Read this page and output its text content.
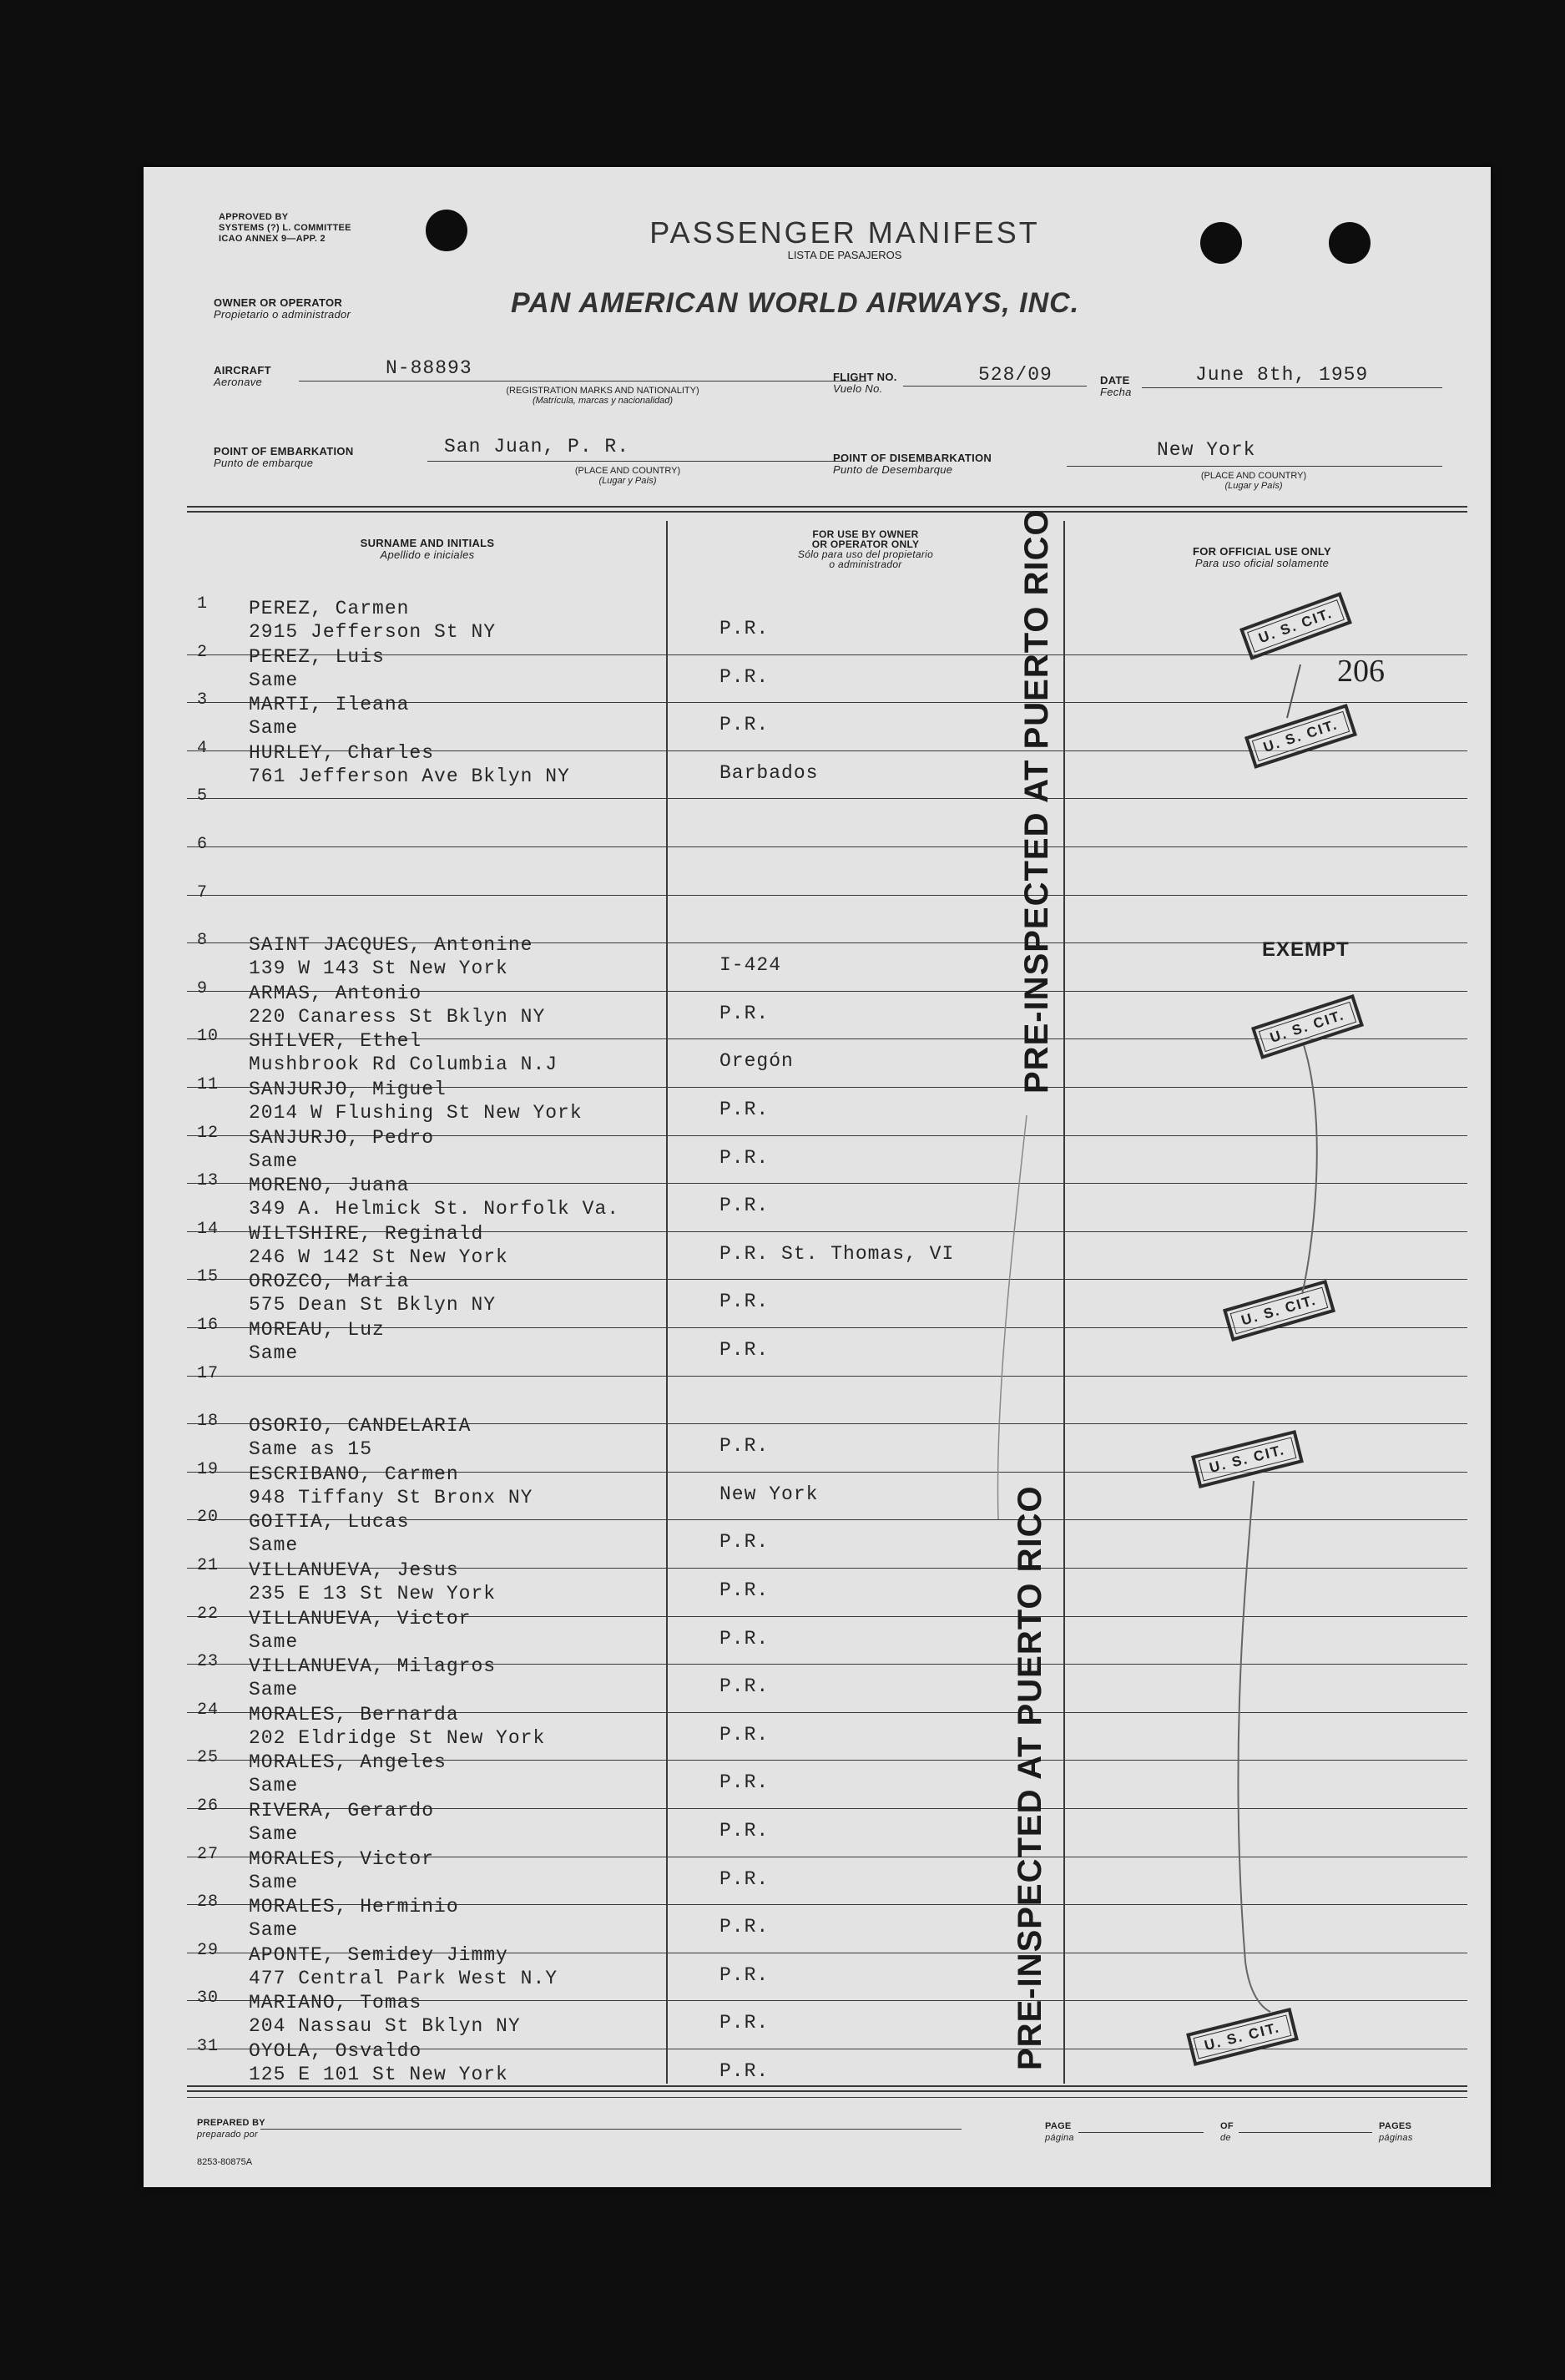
APPROVED BY
SYSTEMS (?) L. COMMITTEE
ICAO ANNEX 9—APP. 2	PASSENGER MANIFEST
LISTA DE PASAJEROS
OWNER OR OPERATOR
Propietario o administrador	PAN AMERICAN WORLD AIRWAYS, INC.
AIRCRAFT
Aeronave
N-88893
(REGISTRATION MARKS AND NATIONALITY)
(Matrícula, marcas y nacionalidad)
FLIGHT NO.
Vuelo No.
528/09	DATE
Fecha
June 8th, 1959
POINT OF EMBARKATION
Punto de embarque
San Juan, P. R.
(PLACE AND COUNTRY)
(Lugar y País)
POINT OF DISEMBARKATION
Punto de Desembarque
New York
(PLACE AND COUNTRY)
(Lugar y País)
SURNAME AND INITIALS
Apellido e iniciales
FOR USE BY OWNER
OR OPERATOR ONLY
Sólo para uso del propietario
o administrador
FOR OFFICIAL USE ONLY
Para uso oficial solamente
1 PEREZ, Carmen
2915 Jefferson St NY	P.R.
2 PEREZ, Luis
Same	P.R.
3 MARTI, Ileana
Same	P.R.
4 HURLEY, Charles
761 Jefferson Ave Bklyn NY	Barbados
5
6
7
8 SAINT JACQUES, Antonine
139 W 143 St New York	I-424
9 ARMAS, Antonio
220 Canaress St Bklyn NY	P.R.
10 SHILVER, Ethel
Mushbrook Rd Columbia N.J	Oregón
11 SANJURJO, Miguel
2014 W Flushing St New York	P.R.
12 SANJURJO, Pedro
Same	P.R.
13 MORENO, Juana
349 A. Helmick St. Norfolk Va.	P.R.
14 WILTSHIRE, Reginald
246 W 142 St New York	P.R. St. Thomas, VI
15 OROZCO, Maria
575 Dean St Bklyn NY	P.R.
16 MOREAU, Luz
Same	P.R.
17
18 OSORIO, CANDELARIA
Same as 15	P.R.
19 ESCRIBANO, Carmen
948 Tiffany St Bronx NY	New York
20 GOITIA, Lucas
Same	P.R.
21 VILLANUEVA, Jesus
235 E 13 St New York	P.R.
22 VILLANUEVA, Victor
Same	P.R.
23 VILLANUEVA, Milagros
Same	P.R.
24 MORALES, Bernarda
202 Eldridge St New York	P.R.
25 MORALES, Angeles
Same	P.R.
26 RIVERA, Gerardo
Same	P.R.
27 MORALES, Victor
Same	P.R.
28 MORALES, Herminio
Same	P.R.
29 APONTE, Semidey Jimmy
477 Central Park West N.Y	P.R.
30 MARIANO, Tomas
204 Nassau St Bklyn NY	P.R.
31 OYOLA, Osvaldo
125 E 101 St New York	P.R.
PRE-INSPECTED AT PUERTO RICO
PRE-INSPECTED AT PUERTO RICO
U. S. CIT.
U. S. CIT.
U. S. CIT.
U. S. CIT.
U. S. CIT.
U. S. CIT.
206
EXEMPT
PREPARED BY
preparado por
PAGE
página
OF
de
PAGES
páginas
8253-80875A
